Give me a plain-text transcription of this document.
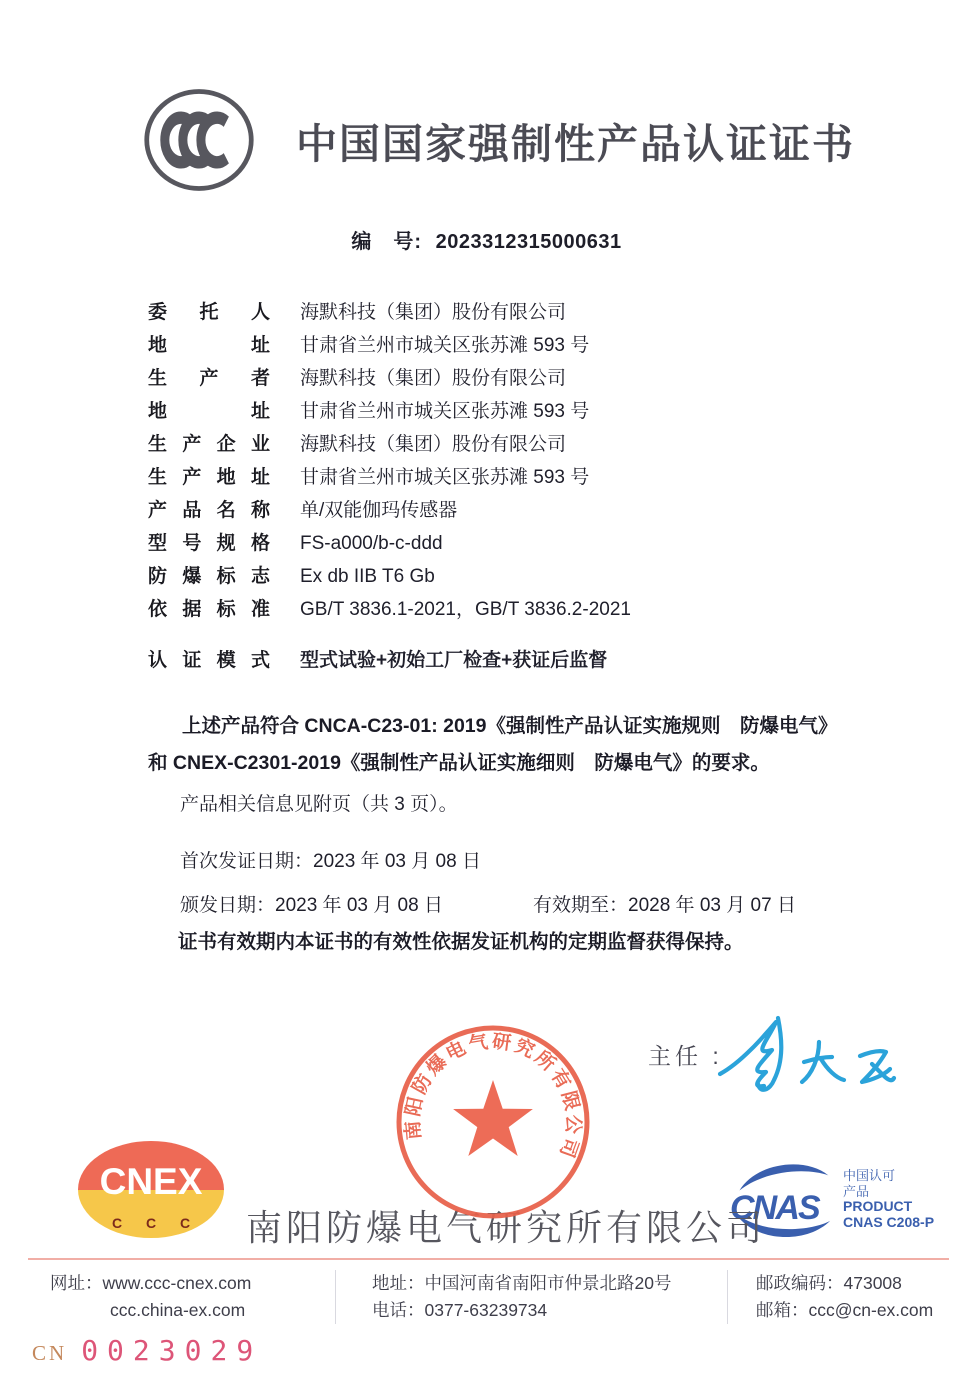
中国国家强制性产品认证证书
编　号: 2023312315000631
委托人 海默科技（集团）股份有限公司
地址 甘肃省兰州市城关区张苏滩 593 号
生产者 海默科技（集团）股份有限公司
地址 甘肃省兰州市城关区张苏滩 593 号
生产企业 海默科技（集团）股份有限公司
生产地址 甘肃省兰州市城关区张苏滩 593 号
产品名称 单/双能伽玛传感器
型号规格 FS-a000/b-c-ddd
防爆标志 Ex db IIB T6 Gb
依据标准 GB/T 3836.1-2021，GB/T 3836.2-2021
认证模式 型式试验+初始工厂检查+获证后监督
上述产品符合 CNCA-C23-01: 2019《强制性产品认证实施规则　防爆电气》
和 CNEX-C2301-2019《强制性产品认证实施细则　防爆电气》的要求。
产品相关信息见附页（共 3 页）。
首次发证日期：2023 年 03 月 08 日
颁发日期：2023 年 03 月 08 日	有效期至：2028 年 03 月 07 日
证书有效期内本证书的有效性依据发证机构的定期监督获得保持。
主任 :
南阳防爆电气研究所有限公司
CNEX
C C C	南阳防爆电气研究所有限公司
CNAS
中国认可
产品
PRODUCT
CNAS C208-P
网址：www.ccc-cnex.com
ccc.china-ex.com
地址：中国河南省南阳市仲景北路20号
电话：0377-63239734
邮政编码：473008
邮箱：ccc@cn-ex.com
CN 0023029
